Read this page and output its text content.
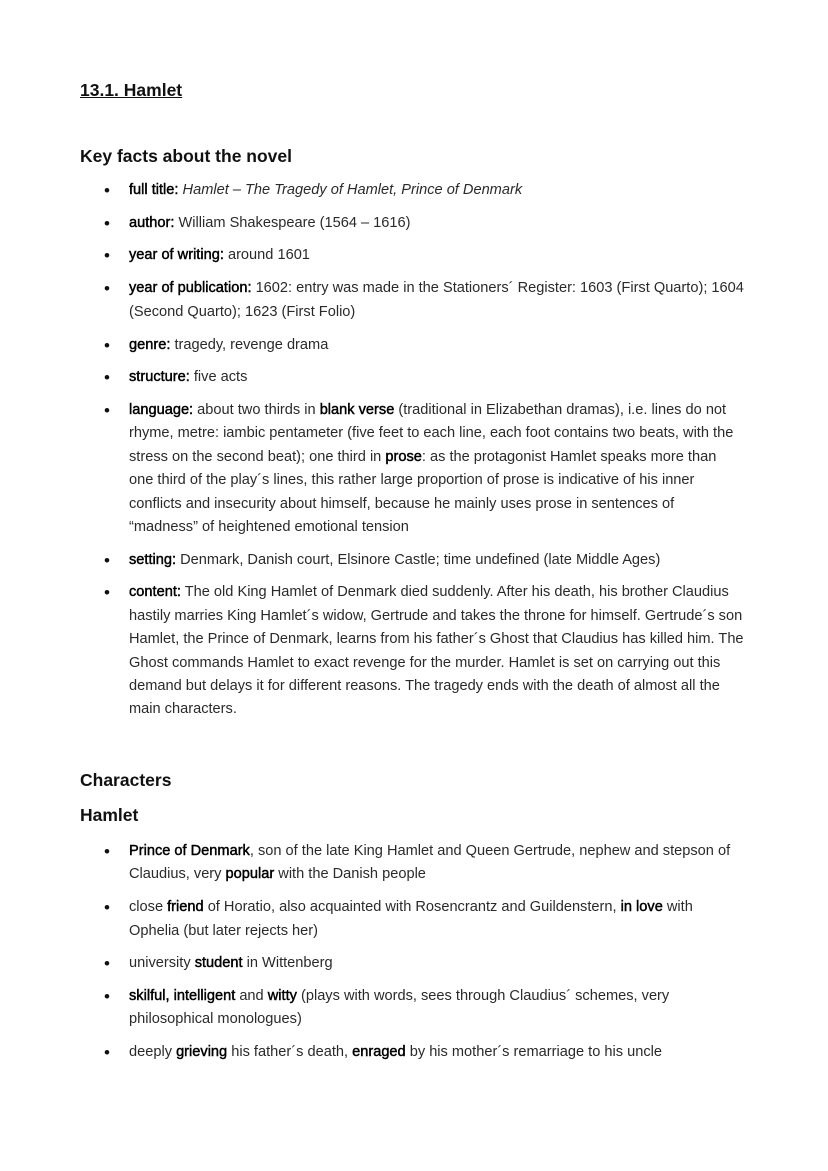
13.1. Hamlet
Key facts about the novel
• full title: Hamlet – The Tragedy of Hamlet, Prince of Denmark
• author: William Shakespeare (1564 – 1616)
• year of writing: around 1601
• year of publication: 1602: entry was made in the Stationers´ Register: 1603 (First Quarto); 1604 (Second Quarto); 1623 (First Folio)
• genre: tragedy, revenge drama
• structure: five acts
• language: about two thirds in blank verse (traditional in Elizabethan dramas), i.e. lines do not rhyme, metre: iambic pentameter (five feet to each line, each foot contains two beats, with the stress on the second beat); one third in prose: as the protagonist Hamlet speaks more than one third of the play´s lines, this rather large proportion of prose is indicative of his inner conflicts and insecurity about himself, because he mainly uses prose in sentences of “madness” of heightened emotional tension
• setting: Denmark, Danish court, Elsinore Castle; time undefined (late Middle Ages)
• content: The old King Hamlet of Denmark died suddenly. After his death, his brother Claudius hastily marries King Hamlet´s widow, Gertrude and takes the throne for himself. Gertrude´s son Hamlet, the Prince of Denmark, learns from his father´s Ghost that Claudius has killed him. The Ghost commands Hamlet to exact revenge for the murder. Hamlet is set on carrying out this demand but delays it for different reasons. The tragedy ends with the death of almost all the main characters.
Characters
Hamlet
• Prince of Denmark, son of the late King Hamlet and Queen Gertrude, nephew and stepson of Claudius, very popular with the Danish people
• close friend of Horatio, also acquainted with Rosencrantz and Guildenstern, in love with Ophelia (but later rejects her)
• university student in Wittenberg
• skilful, intelligent and witty (plays with words, sees through Claudius´ schemes, very philosophical monologues)
• deeply grieving his father´s death, enraged by his mother´s remarriage to his uncle
